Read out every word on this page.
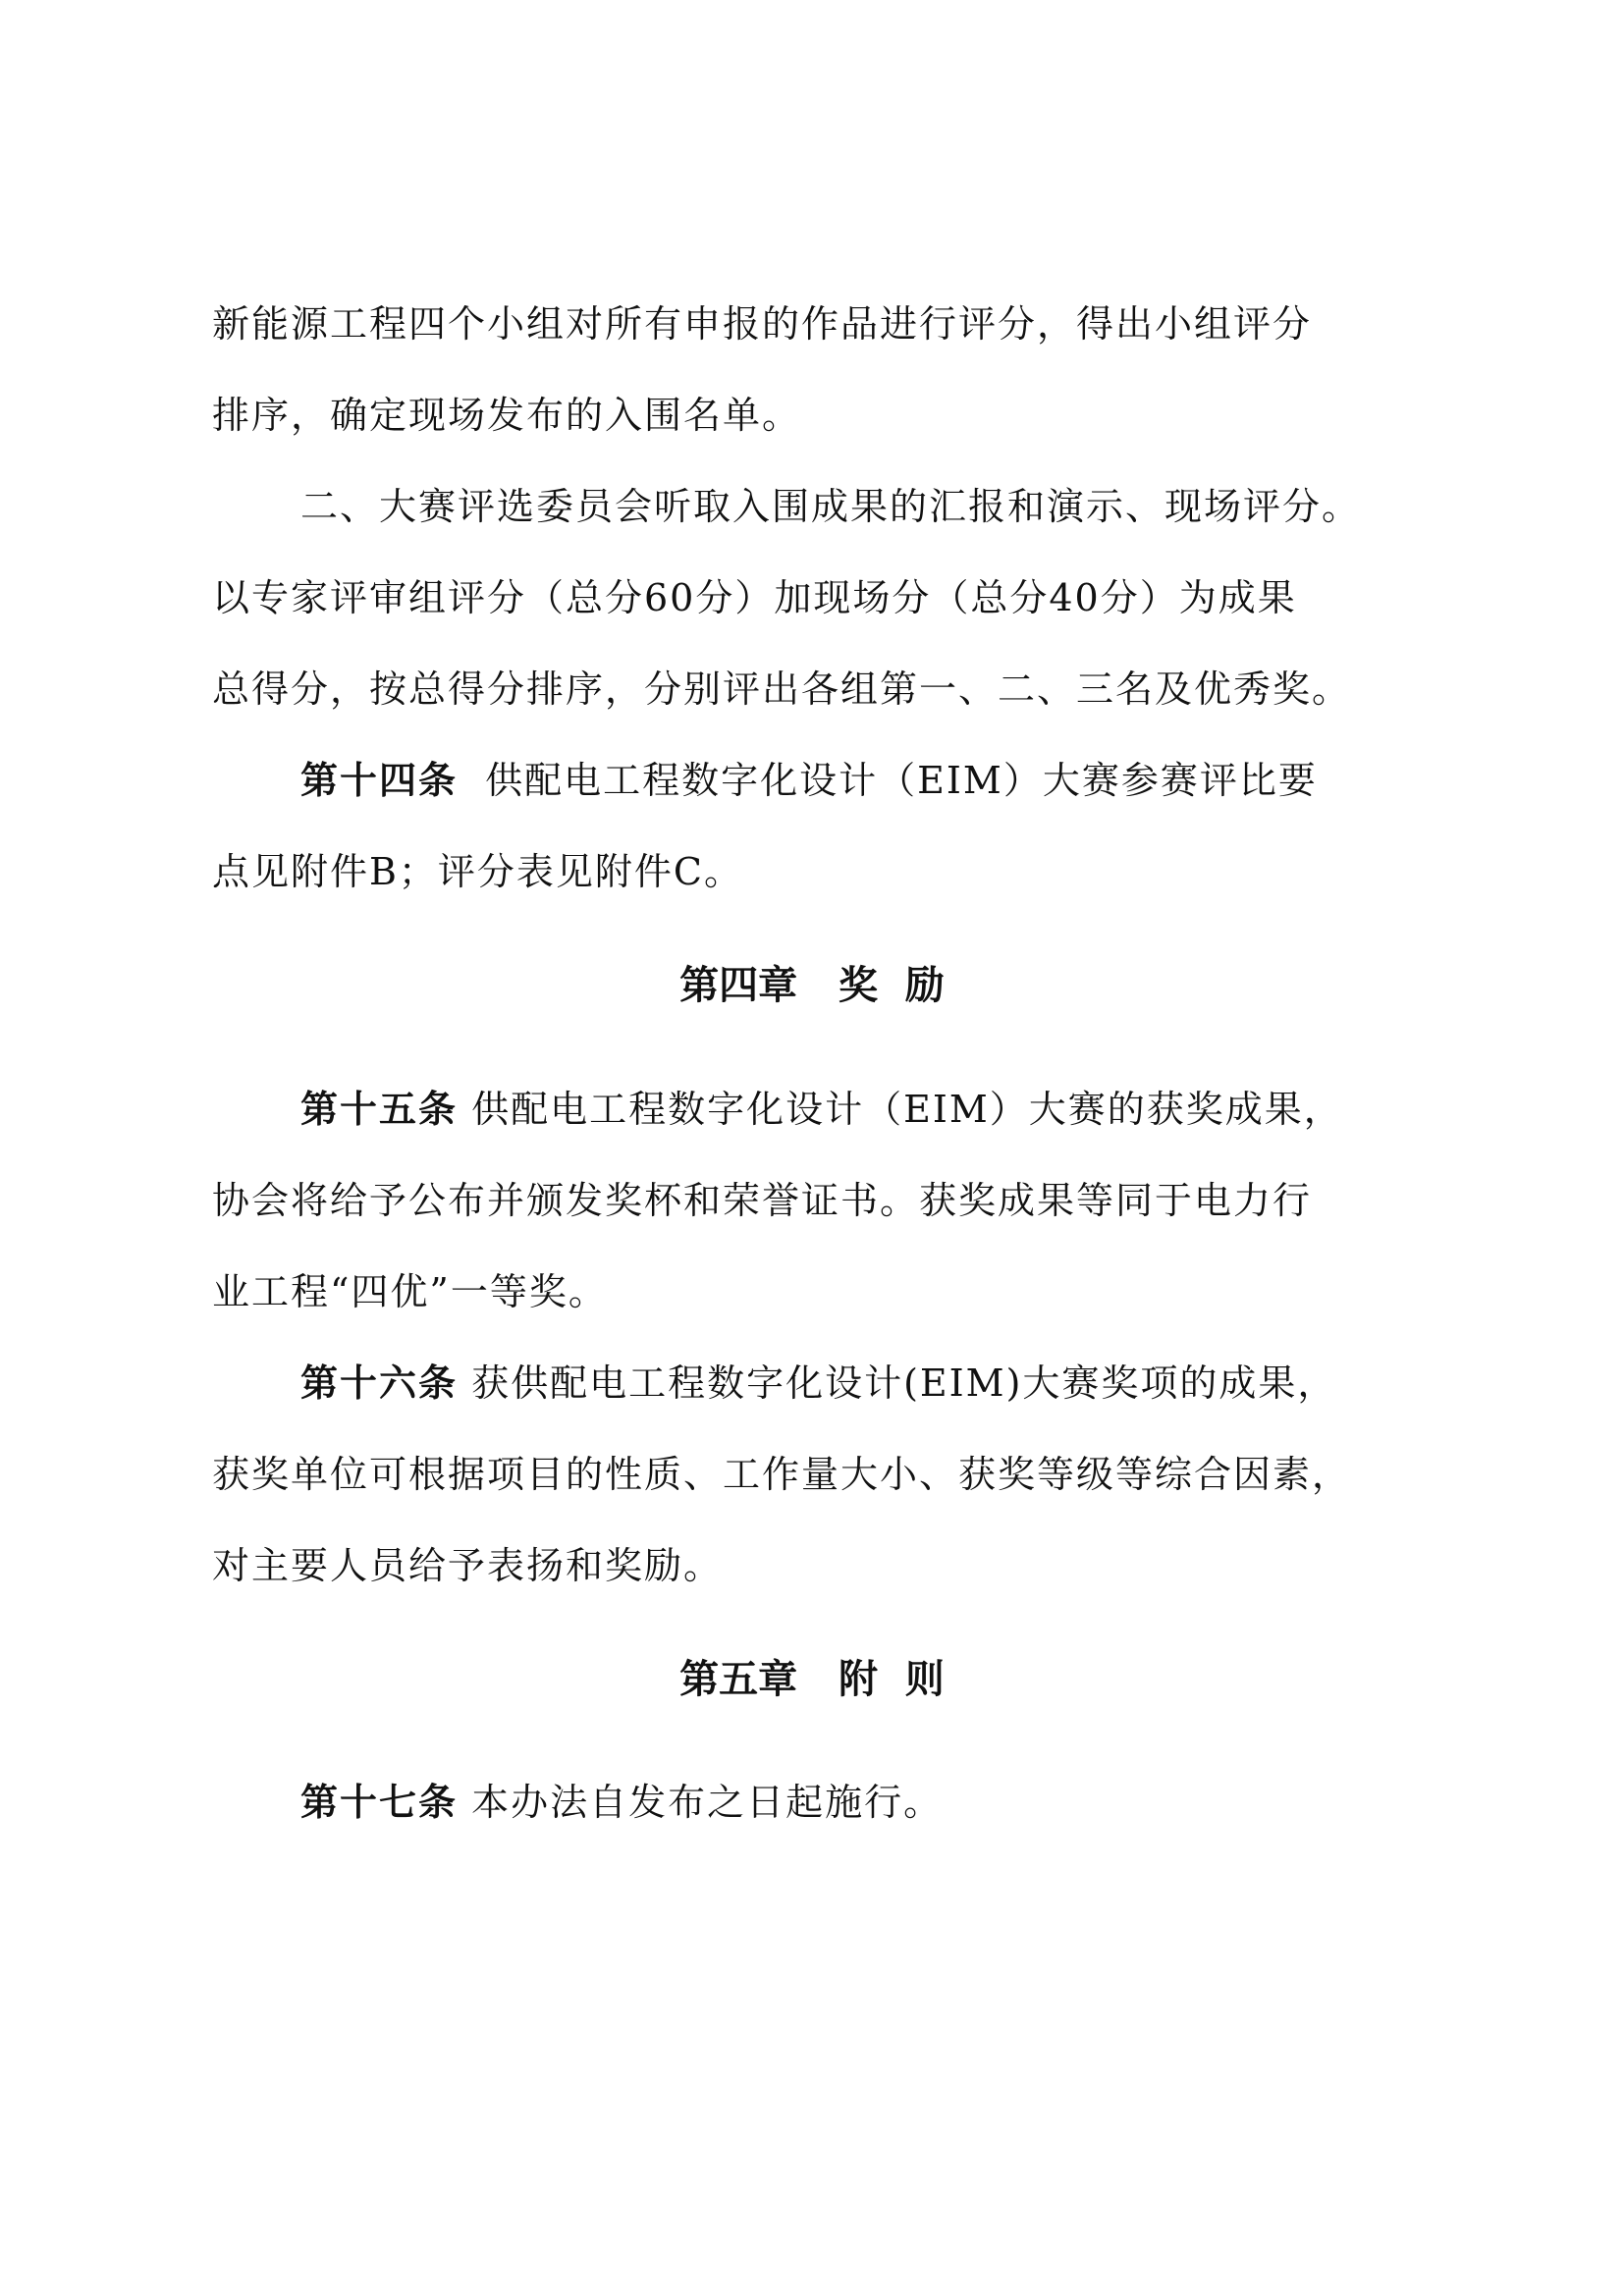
新能源工程四个小组对所有申报的作品进行评分，得出小组评分
排序，确定现场发布的入围名单。
二、大赛评选委员会听取入围成果的汇报和演示、现场评分。
以专家评审组评分（总分60分）加现场分（总分40分）为成果
总得分，按总得分排序，分别评出各组第一、二、三名及优秀奖。
第十四条  供配电工程数字化设计（EIM）大赛参赛评比要
点见附件B；评分表见附件C。
第四章   奖  励
第十五条 供配电工程数字化设计（EIM）大赛的获奖成果，
协会将给予公布并颁发奖杯和荣誉证书。获奖成果等同于电力行
业工程“四优”一等奖。
第十六条 获供配电工程数字化设计(EIM)大赛奖项的成果，
获奖单位可根据项目的性质、工作量大小、获奖等级等综合因素，
对主要人员给予表扬和奖励。
第五章   附  则
第十七条 本办法自发布之日起施行。
